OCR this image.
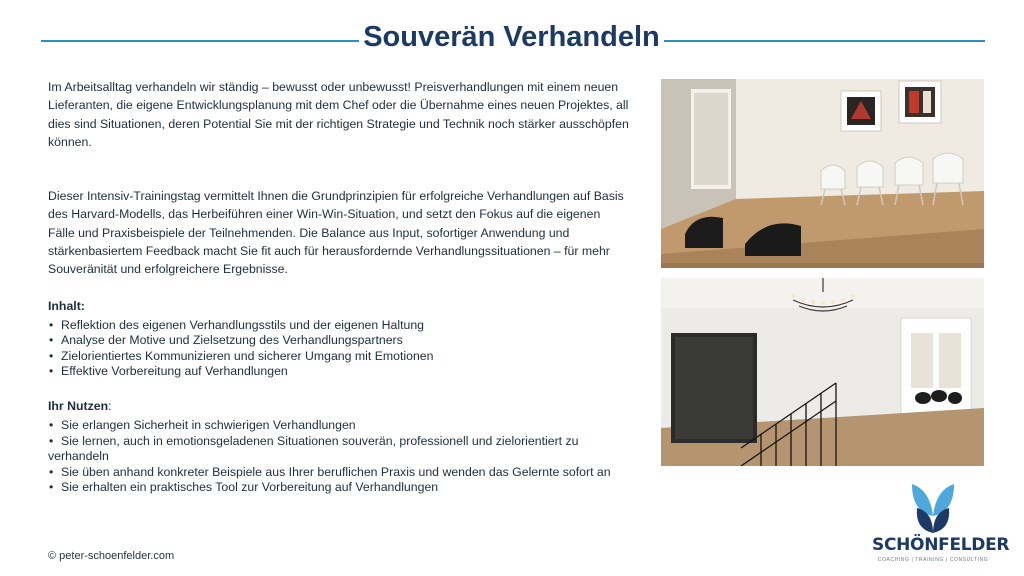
Souverän Verhandeln

Im Arbeitsalltag verhandeln wir ständig – bewusst oder unbewusst! Preisverhandlungen mit einem neuen Lieferanten, die eigene Entwicklungsplanung mit dem Chef oder die Übernahme eines neuen Projektes, all dies sind Situationen, deren Potential Sie mit der richtigen Strategie und Technik noch stärker ausschöpfen können.

Dieser Intensiv-Trainingstag vermittelt Ihnen die Grundprinzipien für erfolgreiche Verhandlungen auf Basis des Harvard-Modells, das Herbeiführen einer Win-Win-Situation, und setzt den Fokus auf die eigenen Fälle und Praxisbeispiele der Teilnehmenden. Die Balance aus Input, sofortiger Anwendung und stärkenbasiertem Feedback macht Sie fit auch für herausfordernde Verhandlungssituationen – für mehr Souveränität und erfolgreichere Ergebnisse.

Inhalt:

• Reflektion des eigenen Verhandlungsstils und der eigenen Haltung
• Analyse der Motive und Zielsetzung des Verhandlungspartners
• Zielorientiertes Kommunizieren und sicherer Umgang mit Emotionen
• Effektive Vorbereitung auf Verhandlungen

Ihr Nutzen:

• Sie erlangen Sicherheit in schwierigen Verhandlungen
• Sie lernen, auch in emotionsgeladenen Situationen souverän, professionell und zielorientiert zu verhandeln
• Sie üben anhand konkreter Beispiele aus Ihrer beruflichen Praxis und wenden das Gelernte sofort an
• Sie erhalten ein praktisches Tool zur Vorbereitung auf Verhandlungen
SCHÖNFELDER
COACHING | TRAINING | CONSULTING
© peter-schoenfelder.com
